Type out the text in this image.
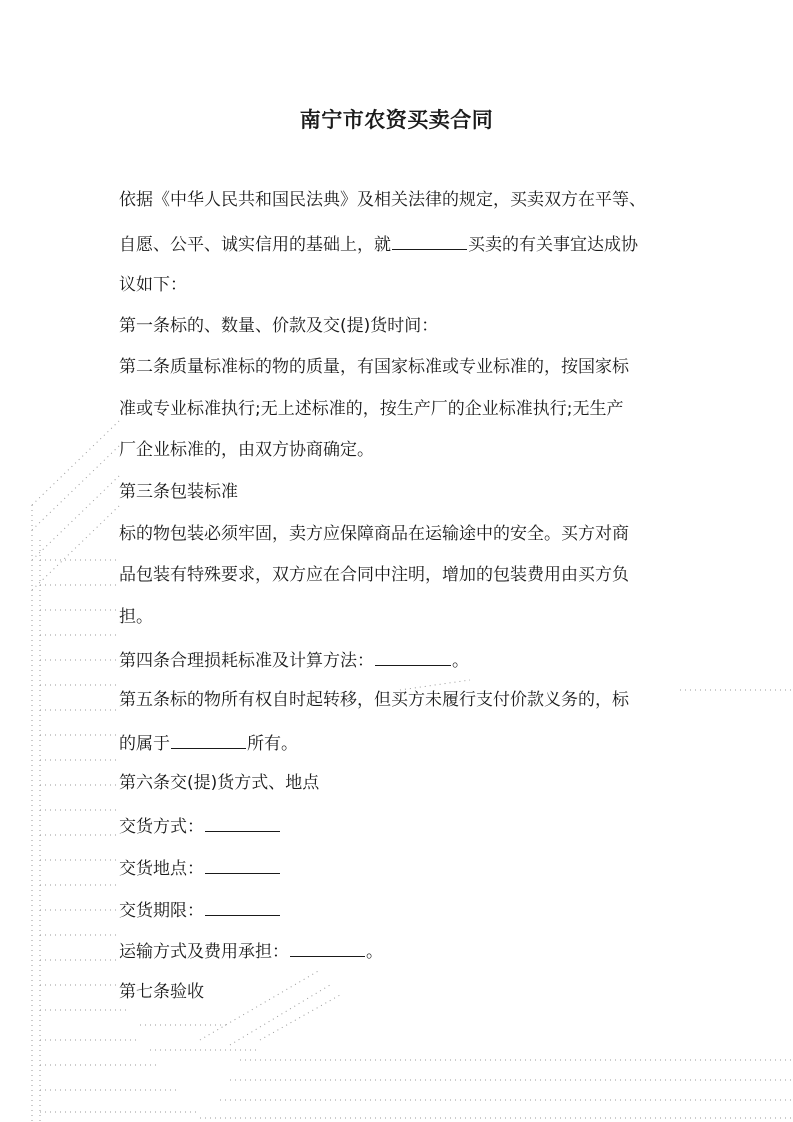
南宁市农资买卖合同
依据《中华人民共和国民法典》及相关法律的规定，买卖双方在平等、
自愿、公平、诚实信用的基础上，就	买卖的有关事宜达成协
议如下：
第一条标的、数量、价款及交(提)货时间：
第二条质量标准标的物的质量，有国家标准或专业标准的，按国家标
准或专业标准执行;无上述标准的，按生产厂的企业标准执行;无生产
厂企业标准的，由双方协商确定。
第三条包装标准
标的物包装必须牢固，卖方应保障商品在运输途中的安全。买方对商
品包装有特殊要求，双方应在合同中注明，增加的包装费用由买方负
担。
第四条合理损耗标准及计算方法：	。
第五条标的物所有权自时起转移，但买方未履行支付价款义务的，标
的属于	所有。
第六条交(提)货方式、地点
交货方式：
交货地点：
交货期限：
运输方式及费用承担：	。
第七条验收
